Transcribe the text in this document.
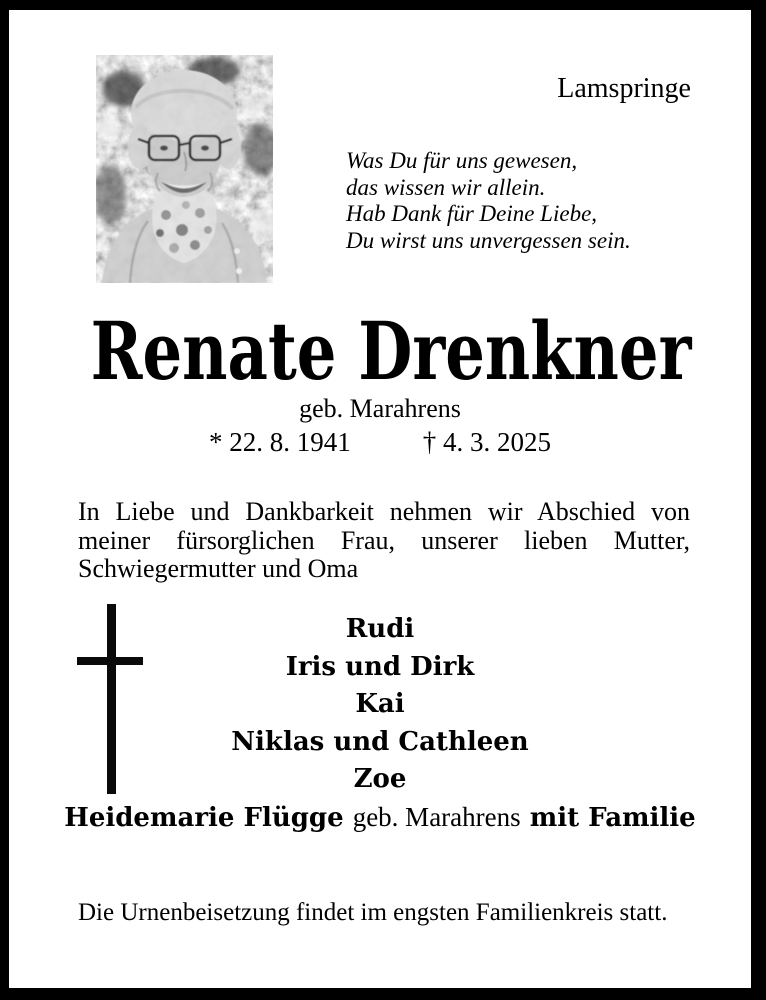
Lamspringe
Was Du für uns gewesen,
das wissen wir allein.
Hab Dank für Deine Liebe,
Du wirst uns unvergessen sein.
Renate Drenkner
geb. Marahrens
* 22. 8. 1941	† 4. 3. 2025
In Liebe und Dankbarkeit nehmen wir Abschied von
meiner fürsorglichen Frau, unserer lieben Mutter,
Schwiegermutter und Oma
Rudi
Iris und Dirk
Kai
Niklas und Cathleen
Zoe
Heidemarie Flügge geb. Marahrens mit Familie
Die Urnenbeisetzung findet im engsten Familienkreis statt.
